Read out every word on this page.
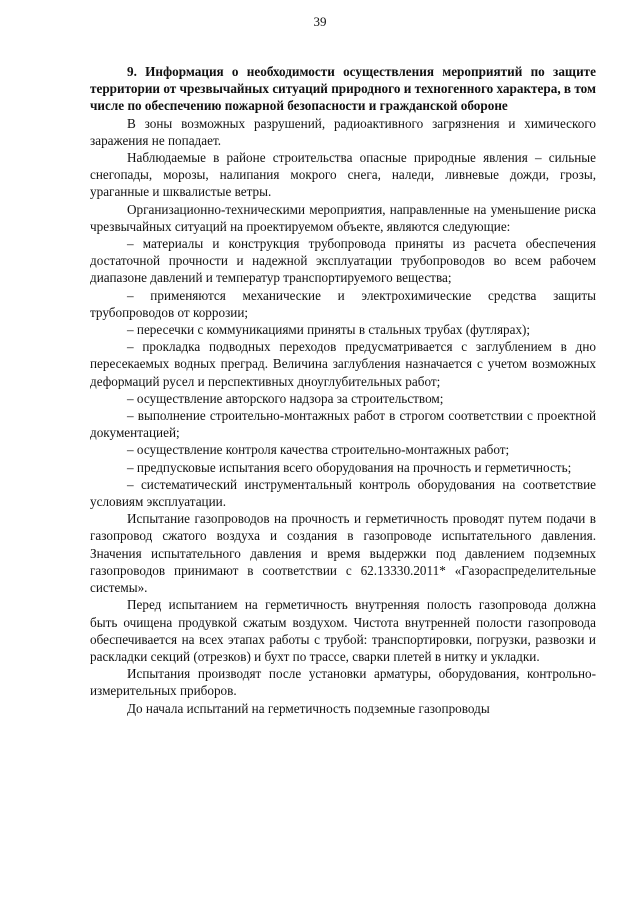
39

9. Информация о необходимости осуществления мероприятий по защите территории от чрезвычайных ситуаций природного и техногенного характера, в том числе по обеспечению пожарной безопасности и гражданской обороне

В зоны возможных разрушений, радиоактивного загрязнения и химического заражения не попадает.

Наблюдаемые в районе строительства опасные природные явления – сильные снегопады, морозы, налипания мокрого снега, наледи, ливневые дожди, грозы, ураганные и шквалистые ветры.

Организационно-техническими мероприятия, направленные на уменьшение риска чрезвычайных ситуаций на проектируемом объекте, являются следующие:

– материалы и конструкция трубопровода приняты из расчета обеспечения достаточной прочности и надежной эксплуатации трубопроводов во всем рабочем диапазоне давлений и температур транспортируемого вещества;

– применяются механические и электрохимические средства защиты трубопроводов от коррозии;

– пересечки с коммуникациями приняты в стальных трубах (футлярах);

– прокладка подводных переходов предусматривается с заглублением в дно пересекаемых водных преград. Величина заглубления назначается с учетом возможных деформаций русел и перспективных дноуглубительных работ;

– осуществление авторского надзора за строительством;

– выполнение строительно-монтажных работ в строгом соответствии с проектной документацией;

– осуществление контроля качества строительно-монтажных работ;

– предпусковые испытания всего оборудования на прочность и герметичность;

– систематический инструментальный контроль оборудования на соответствие условиям эксплуатации.

Испытание газопроводов на прочность и герметичность проводят путем подачи в газопровод сжатого воздуха и создания в газопроводе испытательного давления. Значения испытательного давления и время выдержки под давлением подземных газопроводов принимают в соответствии с 62.13330.2011* «Газораспределительные системы».

Перед испытанием на герметичность внутренняя полость газопровода должна быть очищена продувкой сжатым воздухом. Чистота внутренней полости газопровода обеспечивается на всех этапах работы с трубой: транспортировки, погрузки, развозки и раскладки секций (отрезков) и бухт по трассе, сварки плетей в нитку и укладки.

Испытания производят после установки арматуры, оборудования, контрольно-измерительных приборов.

До начала испытаний на герметичность подземные газопроводы
